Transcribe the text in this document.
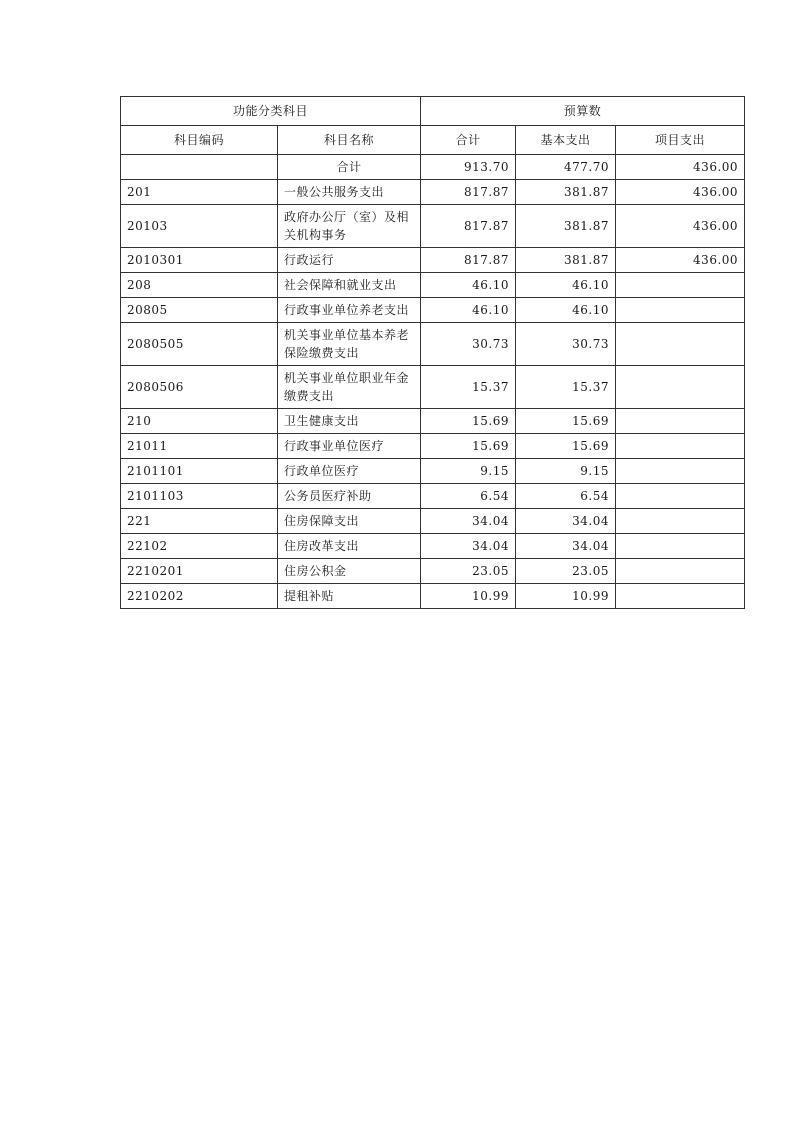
功能分类科目		预算数		
科目编码	科目名称	合计	基本支出	项目支出
	合计	913.70	477.70	436.00
201	一般公共服务支出	817.87	381.87	436.00
20103	政府办公厅（室）及相关机构事务	817.87	381.87	436.00
2010301	行政运行	817.87	381.87	436.00
208	社会保障和就业支出	46.10	46.10	
20805	行政事业单位养老支出	46.10	46.10	
2080505	机关事业单位基本养老保险缴费支出	30.73	30.73	
2080506	机关事业单位职业年金缴费支出	15.37	15.37	
210	卫生健康支出	15.69	15.69	
21011	行政事业单位医疗	15.69	15.69	
2101101	行政单位医疗	9.15	9.15	
2101103	公务员医疗补助	6.54	6.54	
221	住房保障支出	34.04	34.04	
22102	住房改革支出	34.04	34.04	
2210201	住房公积金	23.05	23.05	
2210202	提租补贴	10.99	10.99	
